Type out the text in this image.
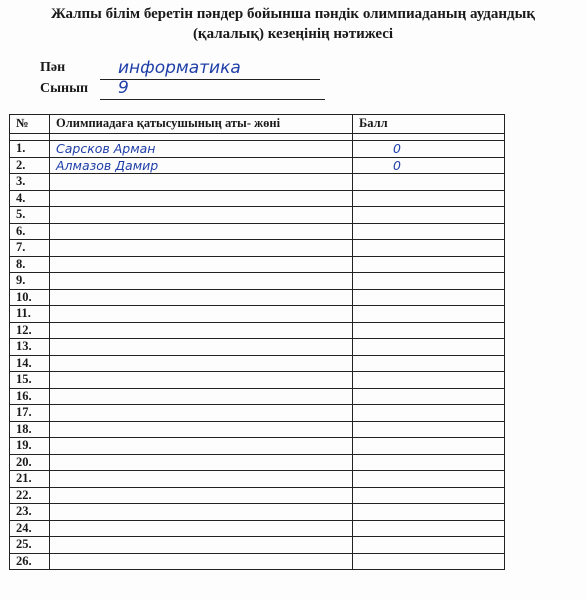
Жалпы білім беретін пәндер бойынша пәндік олимпиаданың аудандық
(қалалық) кезеңінің нәтижесі
Пән	информатика
Сынып 9
№	Олимпиадаға қатысушының аты- жөні	Балл

1.	Сарсков Арман	0
2.	Алмазов Дамир	0
3.		
4.		
5.		
6.		
7.		
8.		
9.		
10.		
11.		
12.		
13.		
14.		
15.		
16.		
17.		
18.		
19.		
20.		
21.		
22.		
23.		
24.		
25.		
26.		
